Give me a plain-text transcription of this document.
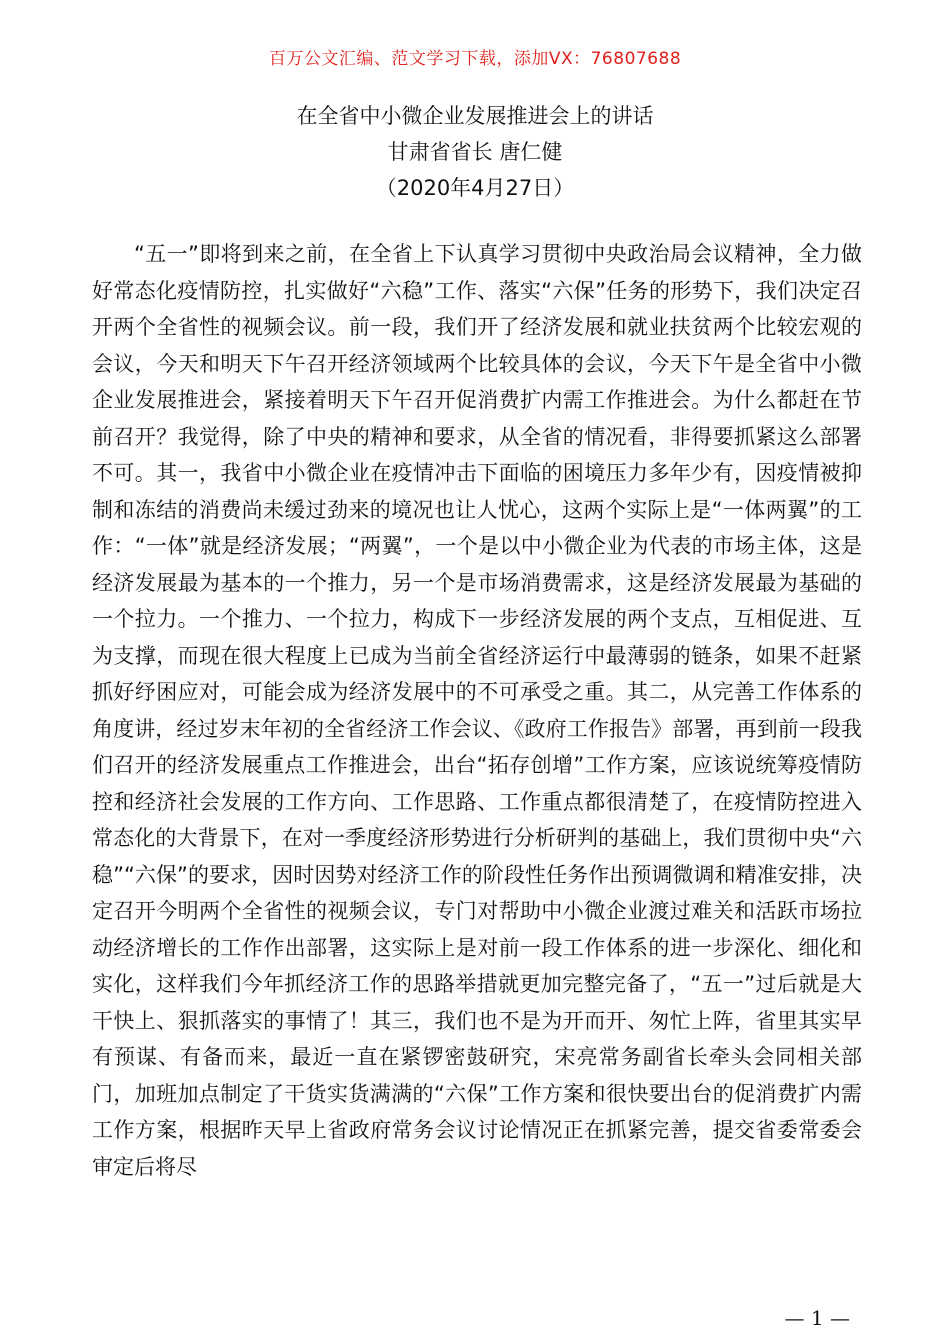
百万公文汇编、范文学习下载，添加VX：76807688
在全省中小微企业发展推进会上的讲话
甘肃省省长 唐仁健
（2020年4月27日）

“五一”即将到来之前，在全省上下认真学习贯彻中央政治局会议精神，全力做好常态化疫情防控，扎实做好“六稳”工作、落实“六保”任务的形势下，我们决定召开两个全省性的视频会议。前一段，我们开了经济发展和就业扶贫两个比较宏观的会议，今天和明天下午召开经济领域两个比较具体的会议，今天下午是全省中小微企业发展推进会，紧接着明天下午召开促消费扩内需工作推进会。为什么都赶在节前召开？我觉得，除了中央的精神和要求，从全省的情况看，非得要抓紧这么部署不可。其一，我省中小微企业在疫情冲击下面临的困境压力多年少有，因疫情被抑制和冻结的消费尚未缓过劲来的境况也让人忧心，这两个实际上是“一体两翼”的工作：“一体”就是经济发展；“两翼”，一个是以中小微企业为代表的市场主体，这是经济发展最为基本的一个推力，另一个是市场消费需求，这是经济发展最为基础的一个拉力。一个推力、一个拉力，构成下一步经济发展的两个支点，互相促进、互为支撑，而现在很大程度上已成为当前全省经济运行中最薄弱的链条，如果不赶紧抓好纾困应对，可能会成为经济发展中的不可承受之重。其二，从完善工作体系的角度讲，经过岁末年初的全省经济工作会议、《政府工作报告》部署，再到前一段我们召开的经济发展重点工作推进会，出台“拓存创增”工作方案，应该说统筹疫情防控和经济社会发展的工作方向、工作思路、工作重点都很清楚了，在疫情防控进入常态化的大背景下，在对一季度经济形势进行分析研判的基础上，我们贯彻中央“六稳”“六保”的要求，因时因势对经济工作的阶段性任务作出预调微调和精准安排，决定召开今明两个全省性的视频会议，专门对帮助中小微企业渡过难关和活跃市场拉动经济增长的工作作出部署，这实际上是对前一段工作体系的进一步深化、细化和实化，这样我们今年抓经济工作的思路举措就更加完整完备了，“五一”过后就是大干快上、狠抓落实的事情了！其三，我们也不是为开而开、匆忙上阵，省里其实早有预谋、有备而来，最近一直在紧锣密鼓研究，宋亮常务副省长牵头会同相关部门，加班加点制定了干货实货满满的“六保”工作方案和很快要出台的促消费扩内需工作方案，根据昨天早上省政府常务会议讨论情况正在抓紧完善，提交省委常委会审定后将尽

— 1 —
